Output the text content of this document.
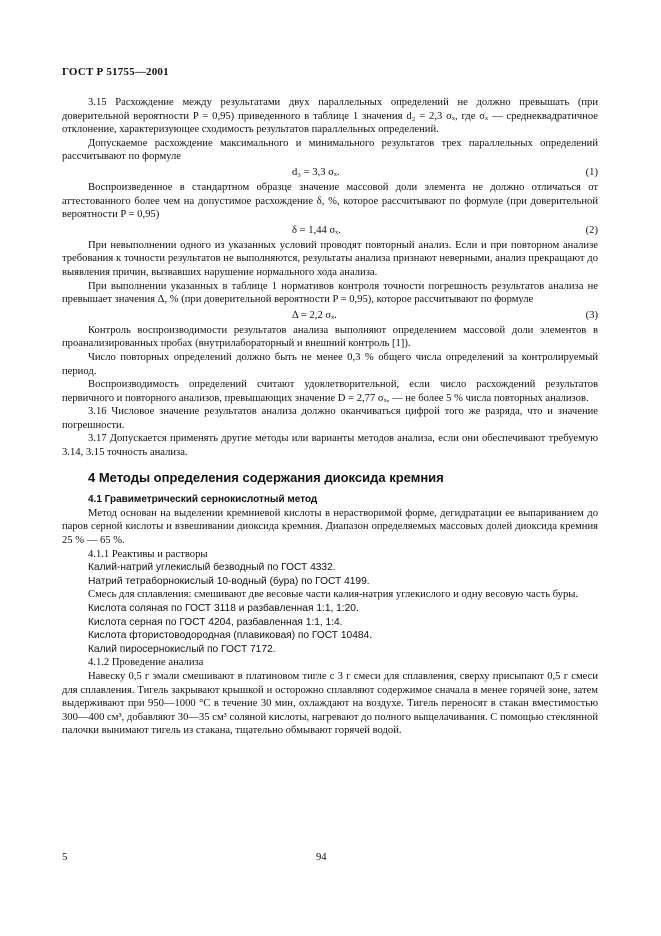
ГОСТ Р 51755—2001

3.15 Расхождение между результатами двух параллельных определений не должно превышать (при доверительной вероятности P = 0,95) приведенного в таблице 1 значения d₂ = 2,3 σₓ, где σₓ — среднеквадратичное отклонение, характеризующее сходимость результатов параллельных определений.

Допускаемое расхождение максимального и минимального результатов трех параллельных определений рассчитывают по формуле

d₃ = 3,3 σₓ.	(1)

Воспроизведенное в стандартном образце значение массовой доли элемента не должно отличаться от аттестованного более чем на допустимое расхождение δ, %, которое рассчитывают по формуле (при доверительной вероятности P = 0,95)

δ = 1,44 σₓ.	(2)

При невыполнении одного из указанных условий проводят повторный анализ. Если и при повторном анализе требования к точности результатов не выполняются, результаты анализа признают неверными, анализ прекращают до выявления причин, вызвавших нарушение нормального хода анализа.

При выполнении указанных в таблице 1 нормативов контроля точности погрешность результатов анализа не превышает значения Δ, % (при доверительной вероятности P = 0,95), которое рассчитывают по формуле

Δ = 2,2 σₓ.	(3)

Контроль воспроизводимости результатов анализа выполняют определением массовой доли элементов в проанализированных пробах (внутрилабораторный и внешний контроль [1]).

Число повторных определений должно быть не менее 0,3 % общего числа определений за контролируемый период.

Воспроизводимость определений считают удовлетворительной, если число расхождений результатов первичного и повторного анализов, превышающих значение D = 2,77 σₓ, — не более 5 % числа повторных анализов.

3.16 Числовое значение результатов анализа должно оканчиваться цифрой того же разряда, что и значение погрешности.

3.17 Допускается применять другие методы или варианты методов анализа, если они обеспечивают требуемую 3.14, 3.15 точность анализа.

4 Методы определения содержания диоксида кремния
4.1 Гравиметрический сернокислотный метод

Метод основан на выделении кремниевой кислоты в нерастворимой форме, дегидратации ее выпариванием до паров серной кислоты и взвешивании диоксида кремния. Диапазон определяемых массовых долей диоксида кремния 25 % — 65 %.

4.1.1 Реактивы и растворы

Калий-натрий углекислый безводный по ГОСТ 4332.

Натрий тетраборнокислый 10-водный (бура) по ГОСТ 4199.

Смесь для сплавления: смешивают две весовые части калия-натрия углекислого и одну весовую часть буры.

Кислота соляная по ГОСТ 3118 и разбавленная 1:1, 1:20.

Кислота серная по ГОСТ 4204, разбавленная 1:1, 1:4.

Кислота фтористоводородная (плавиковая) по ГОСТ 10484.

Калий пиросернокислый по ГОСТ 7172.

4.1.2 Проведение анализа

Навеску 0,5 г эмали смешивают в платиновом тигле с 3 г смеси для сплавления, сверху присыпают 0,5 г смеси для сплавления. Тигель закрывают крышкой и осторожно сплавляют содержимое сначала в менее горячей зоне, затем выдерживают при 950—1000 °С в течение 30 мин, охлаждают на воздухе. Тигель переносят в стакан вместимостью 300—400 см³, добавляют 30—35 см³ соляной кислоты, нагревают до полного выщелачивания. С помощью стеклянной палочки вынимают тигель из стакана, тщательно обмывают горячей водой.

5	94
